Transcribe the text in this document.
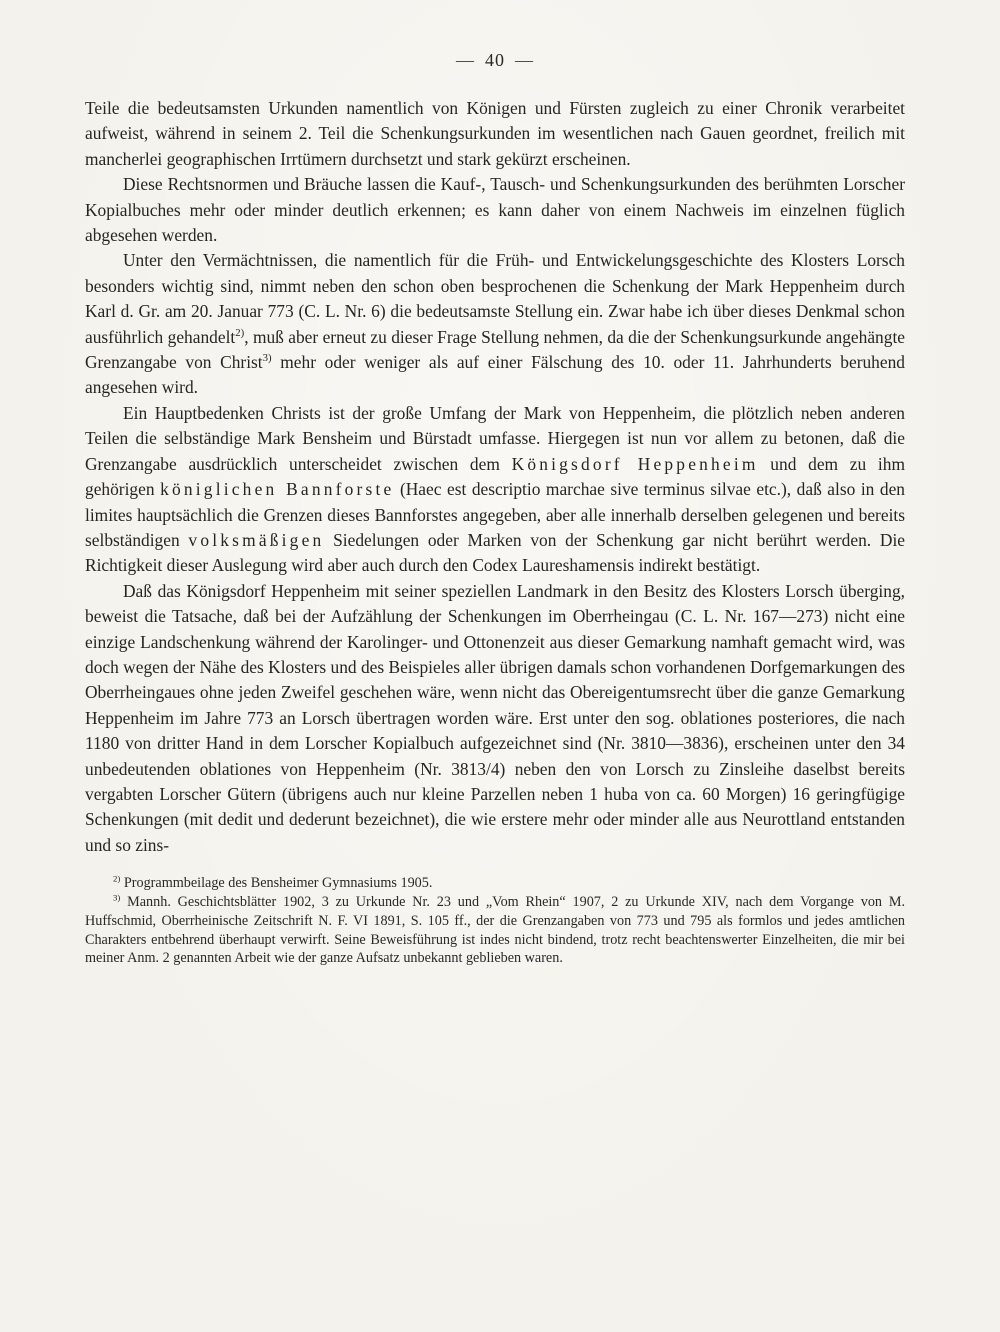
— 40 —

Teile die bedeutsamsten Urkunden namentlich von Königen und Fürsten zugleich zu einer Chronik verarbeitet aufweist, während in seinem 2. Teil die Schenkungsurkunden im wesentlichen nach Gauen geordnet, freilich mit mancherlei geographischen Irrtümern durchsetzt und stark gekürzt erscheinen.

Diese Rechtsnormen und Bräuche lassen die Kauf-, Tausch- und Schenkungsurkunden des berühmten Lorscher Kopialbuches mehr oder minder deutlich erkennen; es kann daher von einem Nachweis im einzelnen füglich abgesehen werden.

Unter den Vermächtnissen, die namentlich für die Früh- und Entwickelungsgeschichte des Klosters Lorsch besonders wichtig sind, nimmt neben den schon oben besprochenen die Schenkung der Mark Heppenheim durch Karl d. Gr. am 20. Januar 773 (C. L. Nr. 6) die bedeutsamste Stellung ein. Zwar habe ich über dieses Denkmal schon ausführlich gehandelt$^{2)}$, muß aber erneut zu dieser Frage Stellung nehmen, da die der Schenkungsurkunde angehängte Grenzangabe von Christ$^{3)}$ mehr oder weniger als auf einer Fälschung des 10. oder 11. Jahrhunderts beruhend angesehen wird.

Ein Hauptbedenken Christs ist der große Umfang der Mark von Heppenheim, die plötzlich neben anderen Teilen die selbständige Mark Bensheim und Bürstadt umfasse. Hiergegen ist nun vor allem zu betonen, daß die Grenzangabe ausdrücklich unterscheidet zwischen dem Königsdorf Heppenheim und dem zu ihm gehörigen königlichen Bannforste (Haec est descriptio marchae sive terminus silvae etc.), daß also in den limites hauptsächlich die Grenzen dieses Bannforstes angegeben, aber alle innerhalb derselben gelegenen und bereits selbständigen volksmäßigen Siedelungen oder Marken von der Schenkung gar nicht berührt werden. Die Richtigkeit dieser Auslegung wird aber auch durch den Codex Laureshamensis indirekt bestätigt.

Daß das Königsdorf Heppenheim mit seiner speziellen Landmark in den Besitz des Klosters Lorsch überging, beweist die Tatsache, daß bei der Aufzählung der Schenkungen im Oberrheingau (C. L. Nr. 167—273) nicht eine einzige Landschenkung während der Karolinger- und Ottonenzeit aus dieser Gemarkung namhaft gemacht wird, was doch wegen der Nähe des Klosters und des Beispieles aller übrigen damals schon vorhandenen Dorfgemarkungen des Oberrheingaues ohne jeden Zweifel geschehen wäre, wenn nicht das Obereigentumsrecht über die ganze Gemarkung Heppenheim im Jahre 773 an Lorsch übertragen worden wäre. Erst unter den sog. oblationes posteriores, die nach 1180 von dritter Hand in dem Lorscher Kopialbuch aufgezeichnet sind (Nr. 3810—3836), erscheinen unter den 34 unbedeutenden oblationes von Heppenheim (Nr. 3813/4) neben den von Lorsch zu Zinsleihe daselbst bereits vergabten Lorscher Gütern (übrigens auch nur kleine Parzellen neben 1 huba von ca. 60 Morgen) 16 geringfügige Schenkungen (mit dedit und dederunt bezeichnet), die wie erstere mehr oder minder alle aus Neurottland entstanden und so zins-

$^{2)}$ Programmbeilage des Bensheimer Gymnasiums 1905.

$^{3)}$ Mannh. Geschichtsblätter 1902, 3 zu Urkunde Nr. 23 und „Vom Rhein“ 1907, 2 zu Urkunde XIV, nach dem Vorgange von M. Huffschmid, Oberrheinische Zeitschrift N. F. VI 1891, S. 105 ff., der die Grenzangaben von 773 und 795 als formlos und jedes amtlichen Charakters entbehrend überhaupt verwirft. Seine Beweisführung ist indes nicht bindend, trotz recht beachtenswerter Einzelheiten, die mir bei meiner Anm. 2 genannten Arbeit wie der ganze Aufsatz unbekannt geblieben waren.
